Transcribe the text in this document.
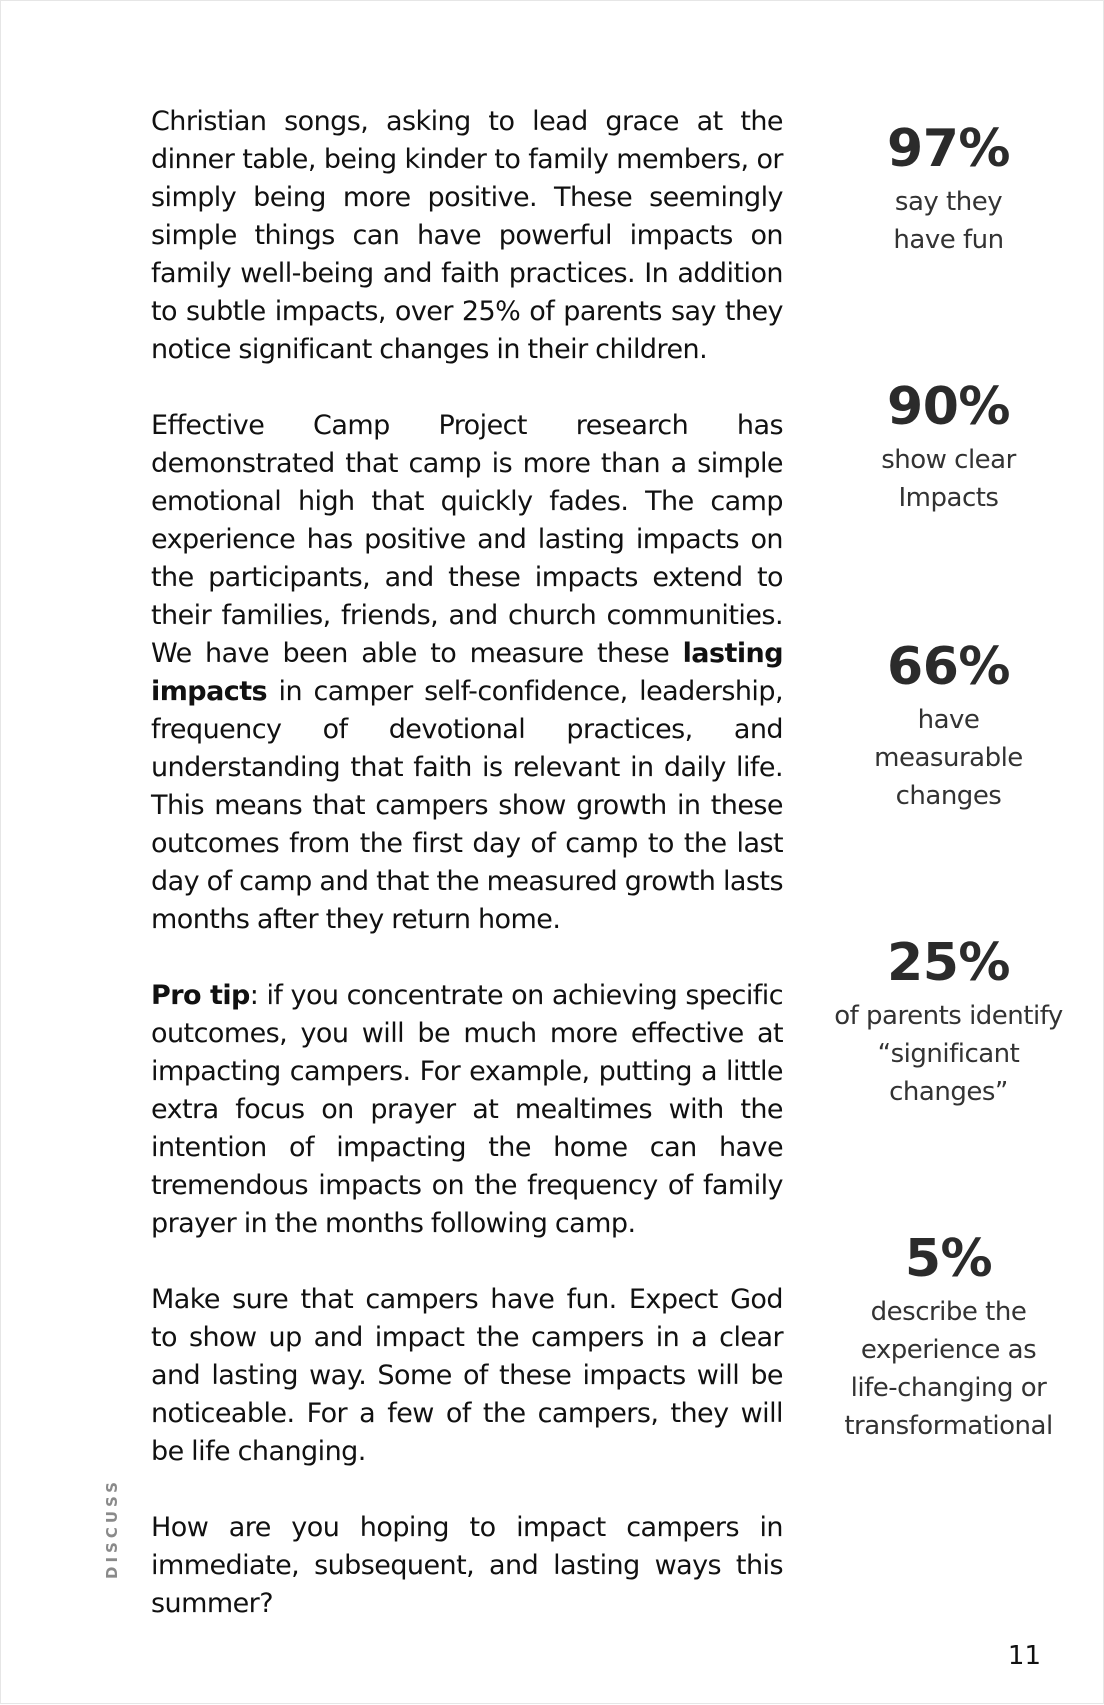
Christian songs, asking to lead grace at the dinner table, being kinder to family members, or simply being more positive. These seemingly simple things can have powerful impacts on family well-being and faith practices. In addition to subtle impacts, over 25% of parents say they notice significant changes in their children.

Effective Camp Project research has demonstrated that camp is more than a simple emotional high that quickly fades. The camp experience has positive and lasting impacts on the participants, and these impacts extend to their families, friends, and church communities. We have been able to measure these lasting impacts in camper self-confidence, leadership, frequency of devotional practices, and understanding that faith is relevant in daily life. This means that campers show growth in these outcomes from the first day of camp to the last day of camp and that the measured growth lasts months after they return home.

Pro tip: if you concentrate on achieving specific outcomes, you will be much more effective at impacting campers. For example, putting a little extra focus on prayer at mealtimes with the intention of impacting the home can have tremendous impacts on the frequency of family prayer in the months following camp.

Make sure that campers have fun. Expect God to show up and impact the campers in a clear and lasting way. Some of these impacts will be noticeable. For a few of the campers, they will be life changing.

How are you hoping to impact campers in immediate, subsequent, and lasting ways this summer?

DISCUSS
97%
say they
have fun
90%
show clear
Impacts
66%
have
measurable
changes
25%
of parents identify
“significant
changes”
5%
describe the
experience as
life-changing or
transformational
11
